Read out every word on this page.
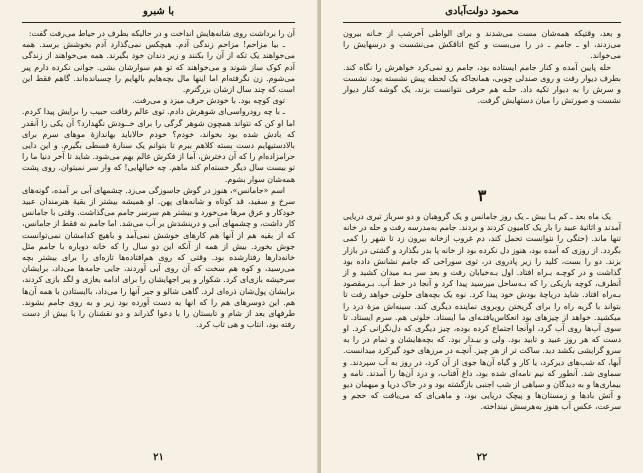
با شبرو

آن را برداشت روی شانه‌هایش انداخت و در حالیکه بطرف در حیاط می‌رفت گفت:

ـ بیا مزاحم! مزاحم زندگی آدم. هیچکس نمی‌گذارد آدم بخوشش برسد. همه می‌خواهند یک تکه از آن را بکنند و زیر دندان خود بگیرند. همه می‌خواهند از زندگی آدم کوک ساز شوند و می‌خواهند که تو هم سوارشان بشی. جوانی نکرده دارم پیر می‌شوم. زن نگرفته‌ام اما اینها مال بچه‌هایم بالهایم را چسبانده‌اند. گاهم فقط این است که چند سال ازشان بزرگترم.

توی کوچه بود. با خودش حرف میزد و می‌رفت.

ـ با چه رودرواسی‌ای شوهرش دادم. توی عالم رفاقت حبیب را برایش پیدا کردم. اما او کن که نتواند همچون شوهر گرگی را برای خــودش نگهدارد؟ آن یکی را آنقدر که بادش شده بود بخواند، خودم؟ خودم حالاباید بهاندازهٔ موهای سرم برای بالادستیهایم دست بسته کلاهم ببرم تا بتوانم یک سنارهٔ قسطی بگیرم. و این دایی حرامزاده‌ام را که آن دخترش، آما از فکرش غالم بهم می‌شود. شاید تا آخر دنیا ما را تو بیست سال دیگر خسته‌ام کند ماهم. چه خیالهایی! که وار سر نمیتوان. روی پشت همه‌شان سوار بشوم.

اسم «جامانس»، هنوز در گوش جاسوزگی می‌زد. چشمهای آبی بر آمده، گونه‌های سرخ و سفید، قد کوتاه و شانه‌های پهن. او همیشه بیشتر از بقیهٔ هنرمندان عبید خودکار و عرق مرها می‌خورد و بیشتر هم سرسر جامم می‌گذاشت. وقتی با جامانس کار داشت، و چشمهای آبی و درینشدش بر آب می‌شد. اما جامم نه فقط از جامانس، که از بقیه هم از آنها هم کارهای خوشش نمی‌آمد و باهیچ کدامشان نمی‌توانست جوش بخورد. بیش از همه از آنکه این دو سال را که خانه دوباره با جامم مثل خانه‌دارها رفتارشده بود. وقتی که روی هم‌افتاده‌ها تازه‌ای را برای بیشتر بچه می‌رسید، و کوه هم سخت که آن روی آبی آوردند، جایی جامه‌ها می‌داد، برایشان سرخیشه بازی‌ای کرد. شکوار و پیر اجهایشان را برای ادامه بغازی و لگد بازی کردند، برایشان پول‌شان ذره‌ای لرد. گاهی شالو و جیر آنها را می‌داد، باایستادن با همه آن‌ها هم. این دوسرهای هم را که انها به دست آورده بود زیر و به روی جامم بشوند. طرفهای بعد از شام و تابستان را با دعوا گذراند و دو نقشنان را با بیش از دست رفته بود، انتاب و هی تاب کرد.

۲۱
محمود دولت‌آبادی

و بعد، وقتیکه همه‌شان مست می‌شدند و برای الواطی آخرشب از خـانه بیرون می‌زدند، او ـ جامم ـ در را می‌بست و کنج اتاقکش می‌نشست و درسهایش را می‌خواند.

حله پایین آمده و کنار جامم ایستاده بود، جامم رو نمی‌کرد خواهرش را نگاه کند. بطرف دیوار رفت و روی صندلی چوبی، همانجاکه یک لحظه پیش نشسته بود، نشست و سرش را به دیوار تکیه داد. حلـه هم حرفی نتوانست بزند، یک گوشه کنار دیوار نشست و صورتش را میان دستهایش گرفت.

۳

یک ماه بعد ـ کم یـا بیش ـ یک روز جامانس و یک گروهبان و دو سرباز تیری دریایی آمدند و اثاثیهٔ عبید را بار یک کامیون کردند و بردند. جامم به‌مدرسه رفت و حله در خانه تنها ماند. (حتگی را نتوانست تحمل کند، دم غروب ازخانه بیرون زد تا شهر را کمی بگردد. از روزی که آمده بود، هنوز دل نکرده بود از خانه پا بدر بگذارد و گشتی در بازار بزند. دو را بست، کلید را زیر پادروی در، توی سوراخی که جامم نشانش داده بود گذاشت و در کوچـه بـراه افتاد. اول بـه‌خیابان رفت و بعد سر بـه میدان کشید و از آنطرف، کوچه باریکی را که بـه‌ساحل میرسید پیدا کرد و آنجا در خط آب. بـرمقصود بـه‌راه افتاد. شاید دریاچهٔ بودش خود پیدا کرد. نوه یک بچه‌های خلوتی خواهد رفت تا بتواند با گریه راه را برای گریختن روبروی نماینده دیگری کند. سینه‌اش مزهٔ درد را میکشید. خواهد از چیزهای بود انعکاس‌یافتـه‌ای ما ایستاد. خلوتی هم. سرم ایستاد. تا سوی آب‌ها روی آب گرد، اوآنجا اجتماع کرده بوده، چیز دیگری که دل‌نگرانی کرد. او دست که هر روز عبید و تابید بود. ولی و بیـدار بود. که بچه‌هایشان و تمام در را به سرو گرایشی بکشد دید. ساکت تر از هر چیز. آنچـه در مرزهای خود گیرکرد میدانست. آبها، که شب‌های دیرکرد، یا کار و گیاه آن‌ها جوی از آن کرد، در روز به آب سپردند. و سماوی شد. آنطور که نیم نامه‌ای شده بود، داغ آفتاب، و درد آن‌ها را آمدند. نامه و بیماری‌ها و به دیدگان و سیاهی از شب اجنبی بازگشته بود و در خاک دریا و میهمان دیو و آتش بادها و زمستان‌ها و پیچک دریایی بود، و ماهی‌ای که می‌یافت که حجم و سرعت، عکس آب هنوز به‌هرسش نینداخته.

۲۲
